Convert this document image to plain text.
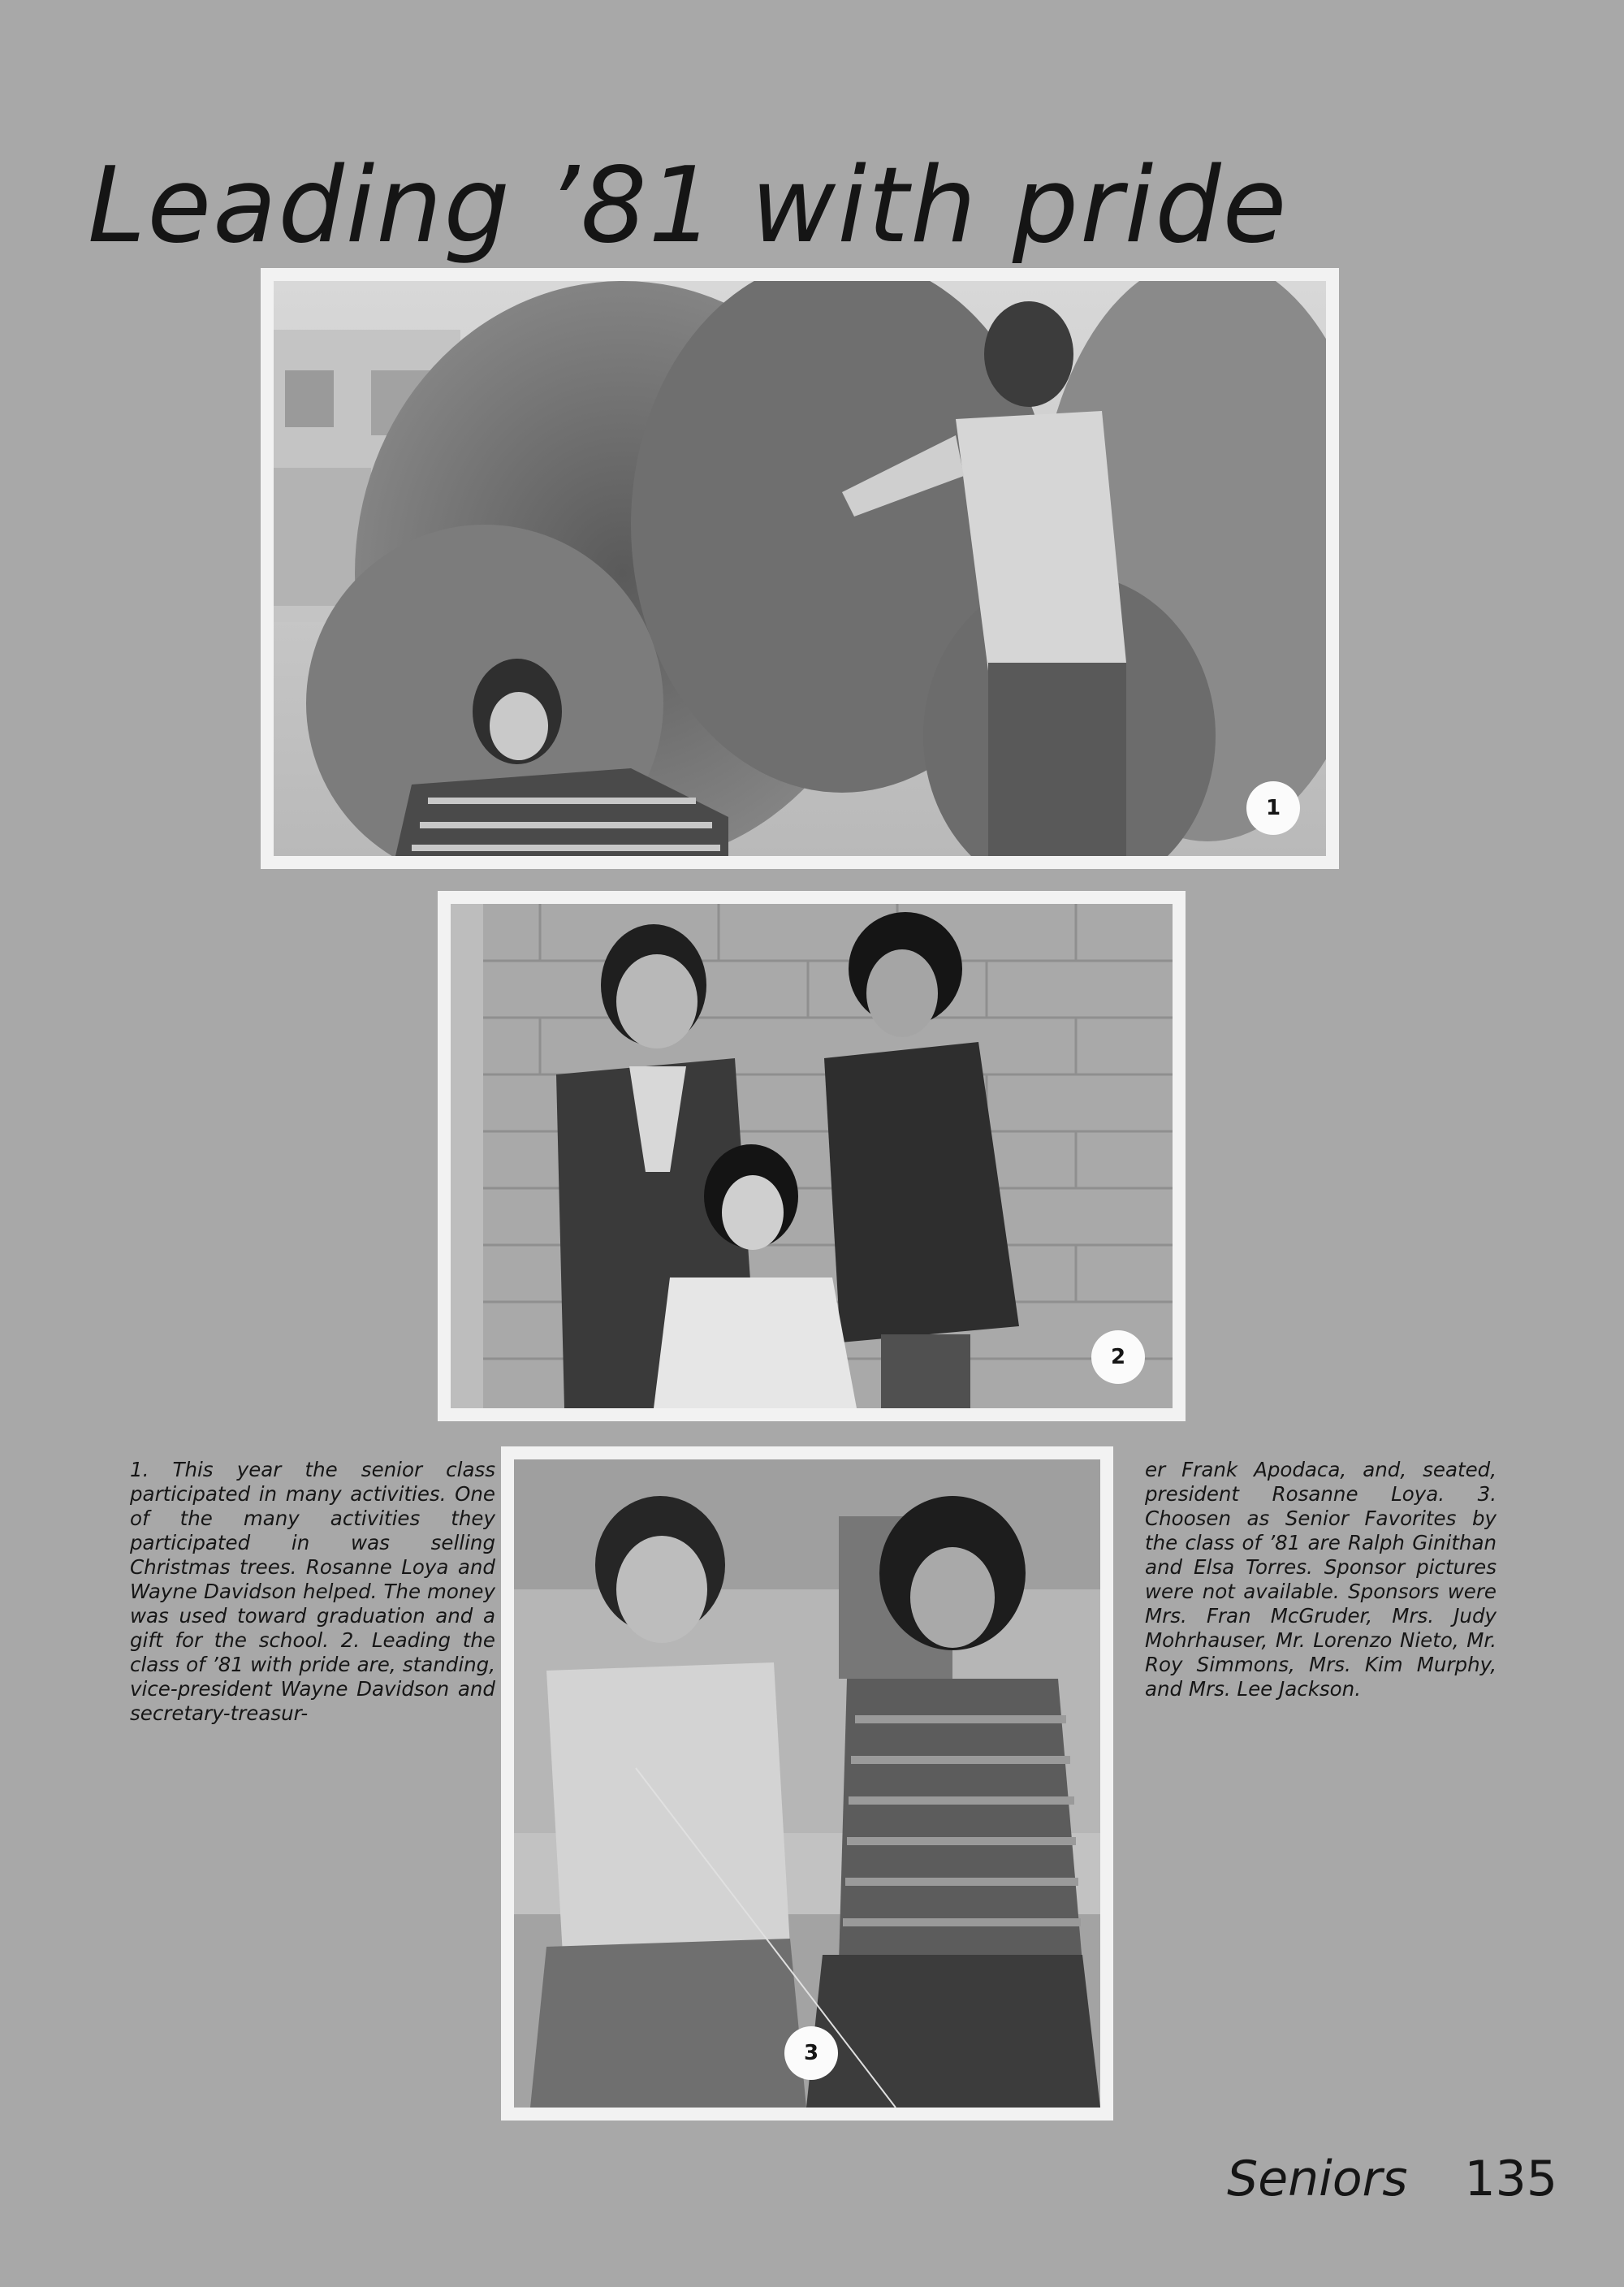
Leading ’81 with pride
1
2
3
1. This year the senior class participated in many activities. One of the many activities they participated in was selling Christmas trees. Rosanne Loya and Wayne Davidson helped. The money was used toward graduation and a gift for the school. 2. Leading the class of ’81 with pride are, standing, vice-president Wayne Davidson and secretary-treasur-
er Frank Apodaca, and, seated, president Rosanne Loya. 3. Choosen as Senior Favorites by the class of ’81 are Ralph Ginithan and Elsa Torres. Sponsor pictures were not available. Sponsors were Mrs. Fran McGruder, Mrs. Judy Mohrhauser, Mr. Lorenzo Nieto, Mr. Roy Simmons, Mrs. Kim Murphy, and Mrs. Lee Jackson.
Seniors 135
